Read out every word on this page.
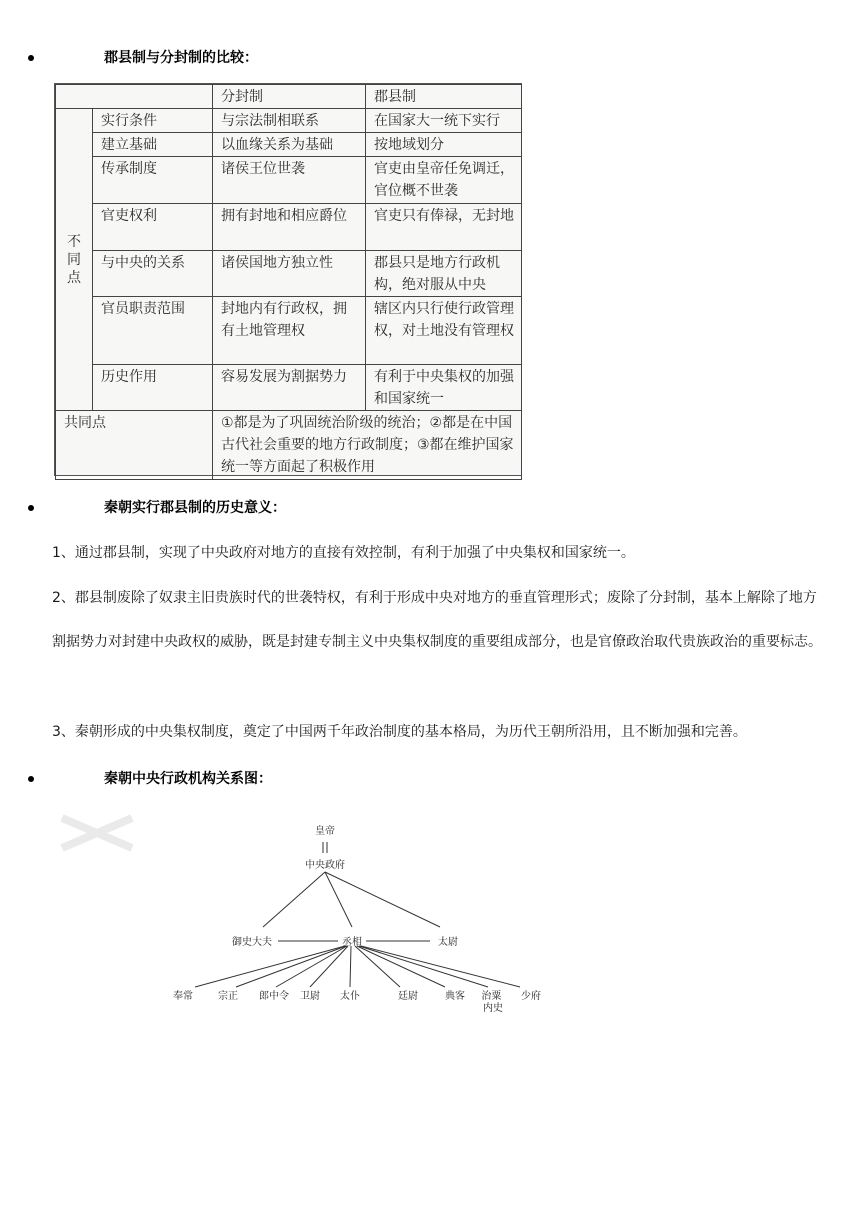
郡县制与分封制的比较：
		分封制	郡县制
不同点	实行条件	与宗法制相联系	在国家大一统下实行
	建立基础	以血缘关系为基础	按地域划分
	传承制度	诸侯王位世袭	官吏由皇帝任免调迁，官位概不世袭
	官吏权利	拥有封地和相应爵位	官吏只有俸禄，无封地
	与中央的关系	诸侯国地方独立性	郡县只是地方行政机构，绝对服从中央
	官员职责范围	封地内有行政权，拥有土地管理权	辖区内只行使行政管理权，对土地没有管理权
	历史作用	容易发展为割据势力	有利于中央集权的加强和国家统一
共同点		①都是为了巩固统治阶级的统治；②都是在中国古代社会重要的地方行政制度；③都在维护国家统一等方面起了积极作用	
秦朝实行郡县制的历史意义：

1、通过郡县制，实现了中央政府对地方的直接有效控制，有利于加强了中央集权和国家统一。

2、郡县制废除了奴隶主旧贵族时代的世袭特权，有利于形成中央对地方的垂直管理形式；废除了分封制，基本上解除了地方割据势力对封建中央政权的威胁，既是封建专制主义中央集权制度的重要组成部分，也是官僚政治取代贵族政治的重要标志。

3、秦朝形成的中央集权制度，奠定了中国两千年政治制度的基本格局，为历代王朝所沿用，且不断加强和完善。

秦朝中央行政机构关系图：
皇帝
中央政府
御史大夫	丞相	太尉
奉常	宗正 郎中令 卫尉 太仆	廷尉	典客 治粟 内史
少府
